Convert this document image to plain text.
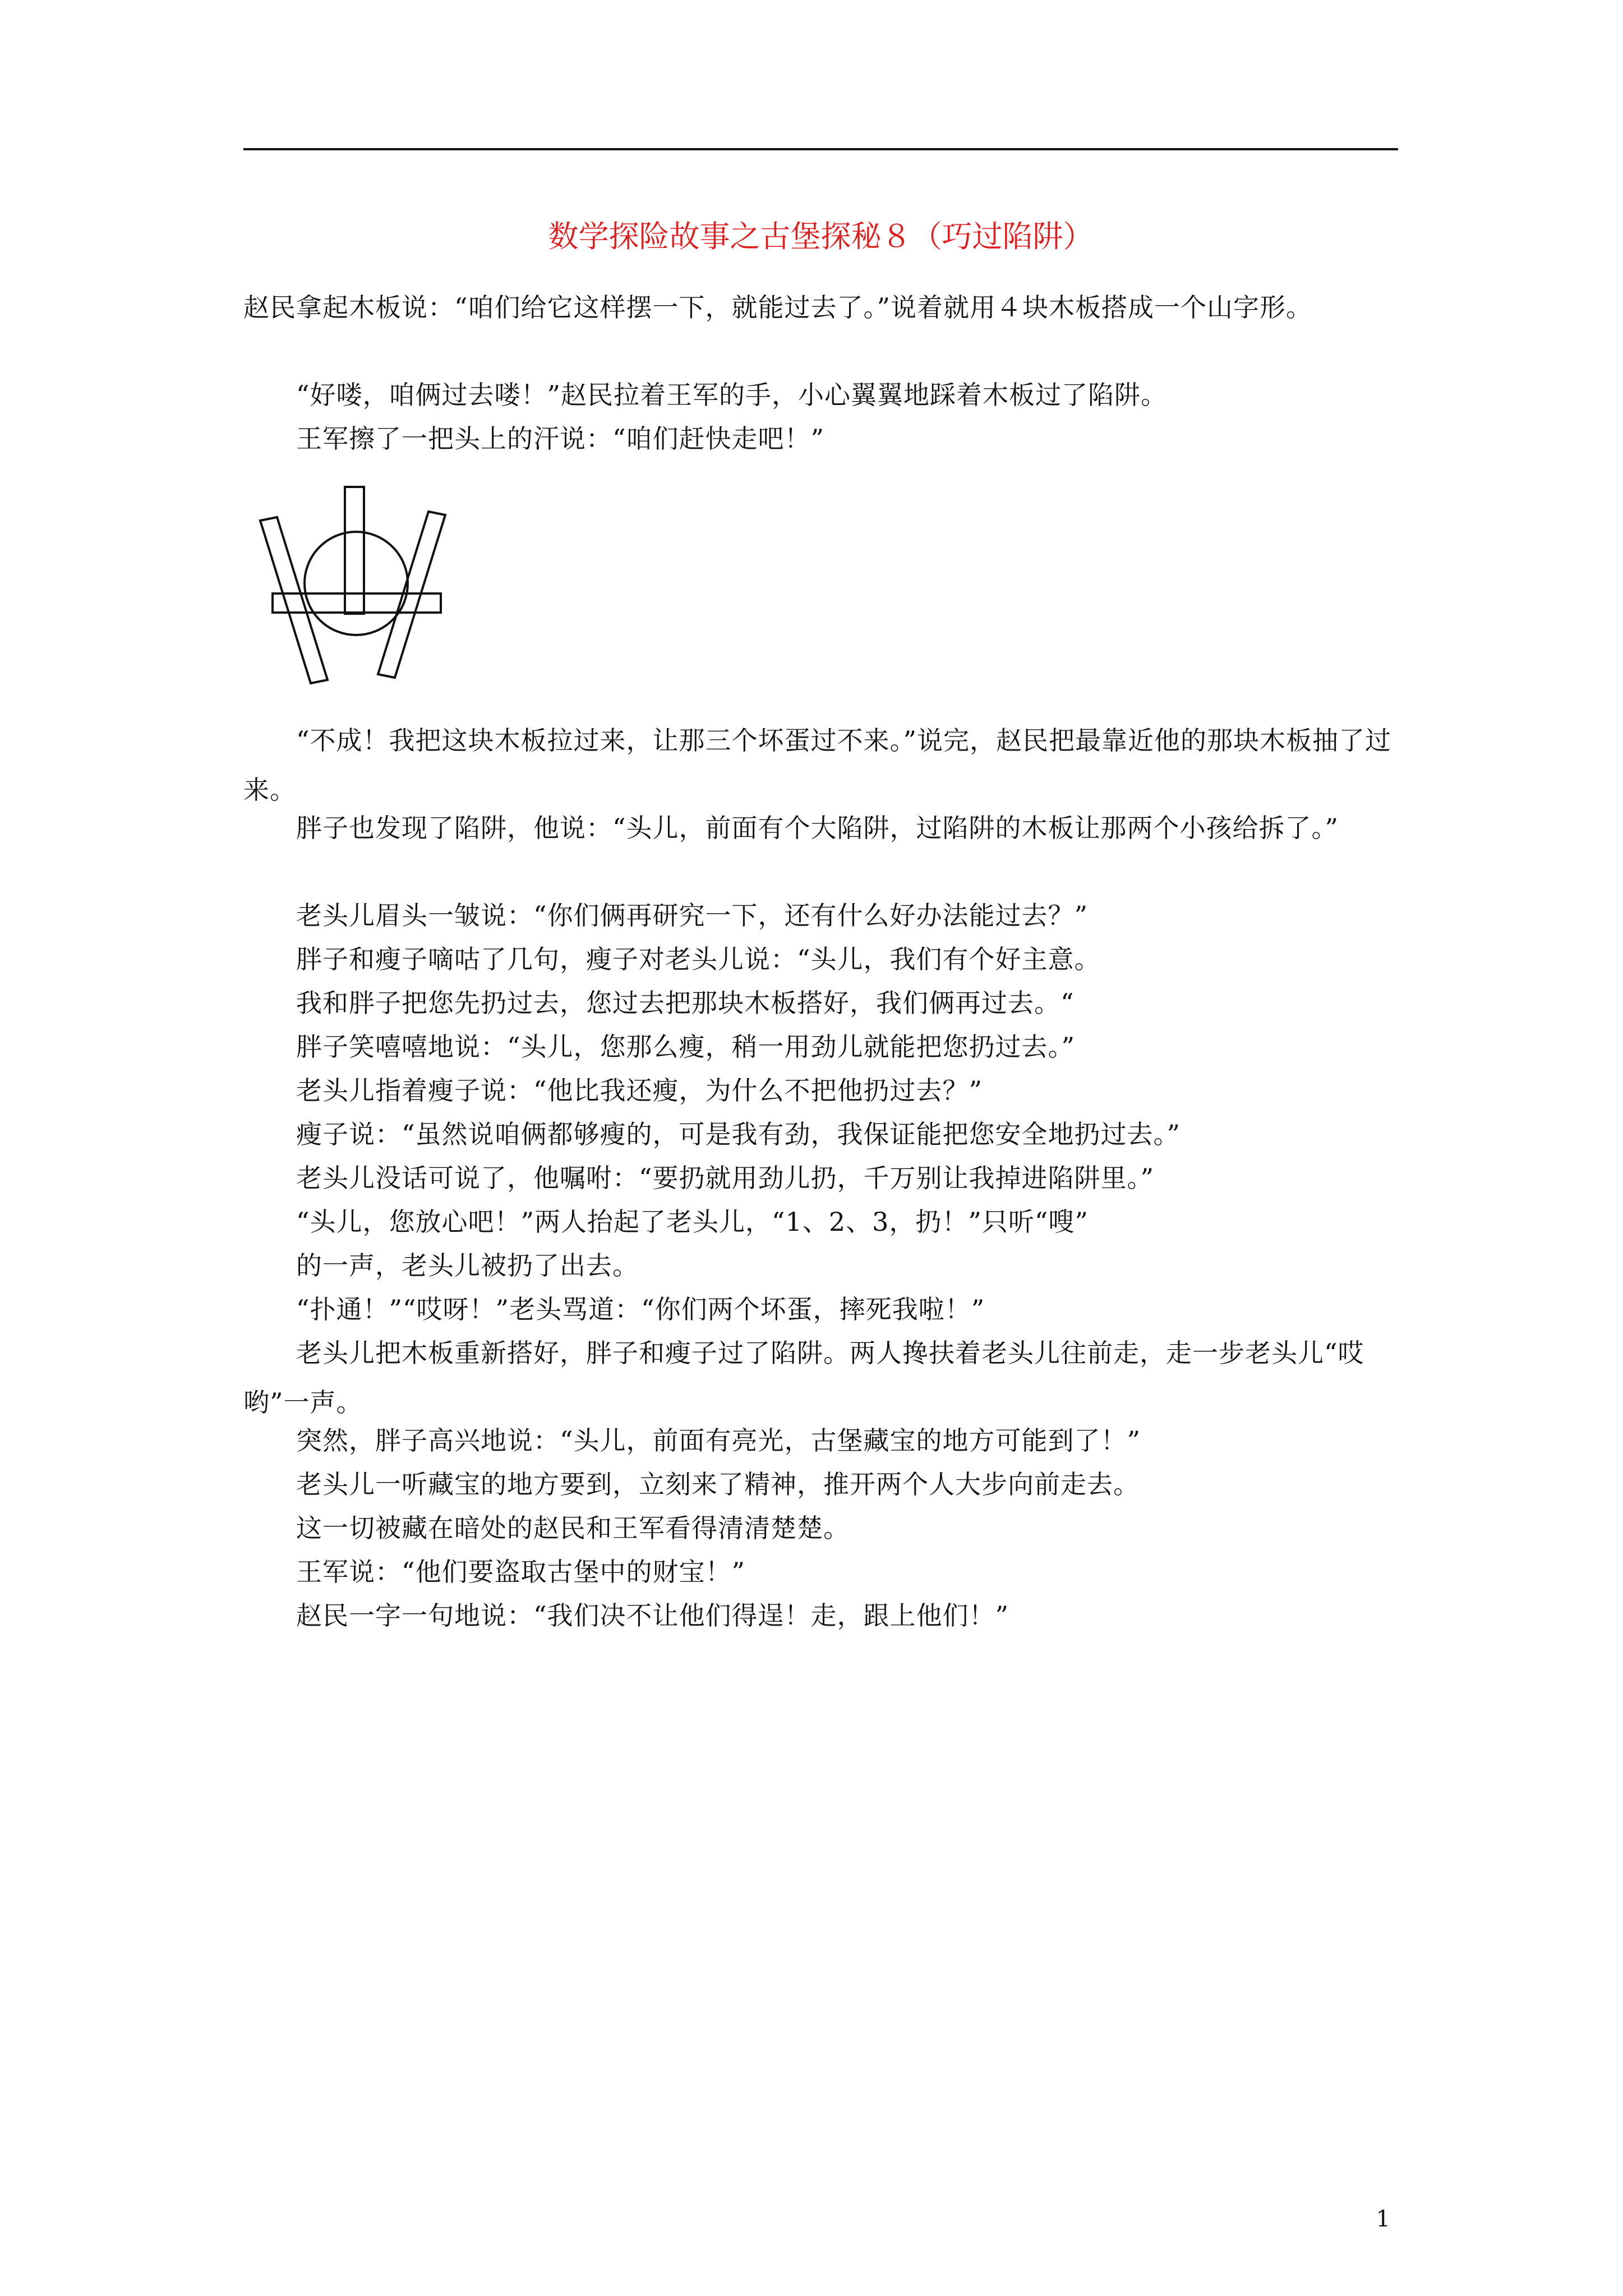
数学探险故事之古堡探秘８（巧过陷阱）
赵民拿起木板说：“咱们给它这样摆一下，就能过去了。”说着就用４块木板搭成一个山字形。
　　“好喽，咱俩过去喽！”赵民拉着王军的手，小心翼翼地踩着木板过了陷阱。
　　王军擦了一把头上的汗说：“咱们赶快走吧！”
　　“不成！我把这块木板拉过来，让那三个坏蛋过不来。”说完，赵民把最靠近他的那块木板抽了过来。
　　胖子也发现了陷阱，他说：“头儿，前面有个大陷阱，过陷阱的木板让那两个小孩给拆了。”
　　老头儿眉头一皱说：“你们俩再研究一下，还有什么好办法能过去？”
　　胖子和瘦子嘀咕了几句，瘦子对老头儿说：“头儿，我们有个好主意。
　　我和胖子把您先扔过去，您过去把那块木板搭好，我们俩再过去。“
　　胖子笑嘻嘻地说：“头儿，您那么瘦，稍一用劲儿就能把您扔过去。”
　　老头儿指着瘦子说：“他比我还瘦，为什么不把他扔过去？”
　　瘦子说：“虽然说咱俩都够瘦的，可是我有劲，我保证能把您安全地扔过去。”
　　老头儿没话可说了，他嘱咐：“要扔就用劲儿扔，千万别让我掉进陷阱里。”
　　“头儿，您放心吧！”两人抬起了老头儿，“1、2、3，扔！”只听“嗖”
　　的一声，老头儿被扔了出去。
　　“扑通！”“哎呀！”老头骂道：“你们两个坏蛋，摔死我啦！”
　　老头儿把木板重新搭好，胖子和瘦子过了陷阱。两人搀扶着老头儿往前走，走一步老头儿“哎哟”一声。
　　突然，胖子高兴地说：“头儿，前面有亮光，古堡藏宝的地方可能到了！”
　　老头儿一听藏宝的地方要到，立刻来了精神，推开两个人大步向前走去。
　　这一切被藏在暗处的赵民和王军看得清清楚楚。
　　王军说：“他们要盗取古堡中的财宝！”
　　赵民一字一句地说：“我们决不让他们得逞！走，跟上他们！”
1
